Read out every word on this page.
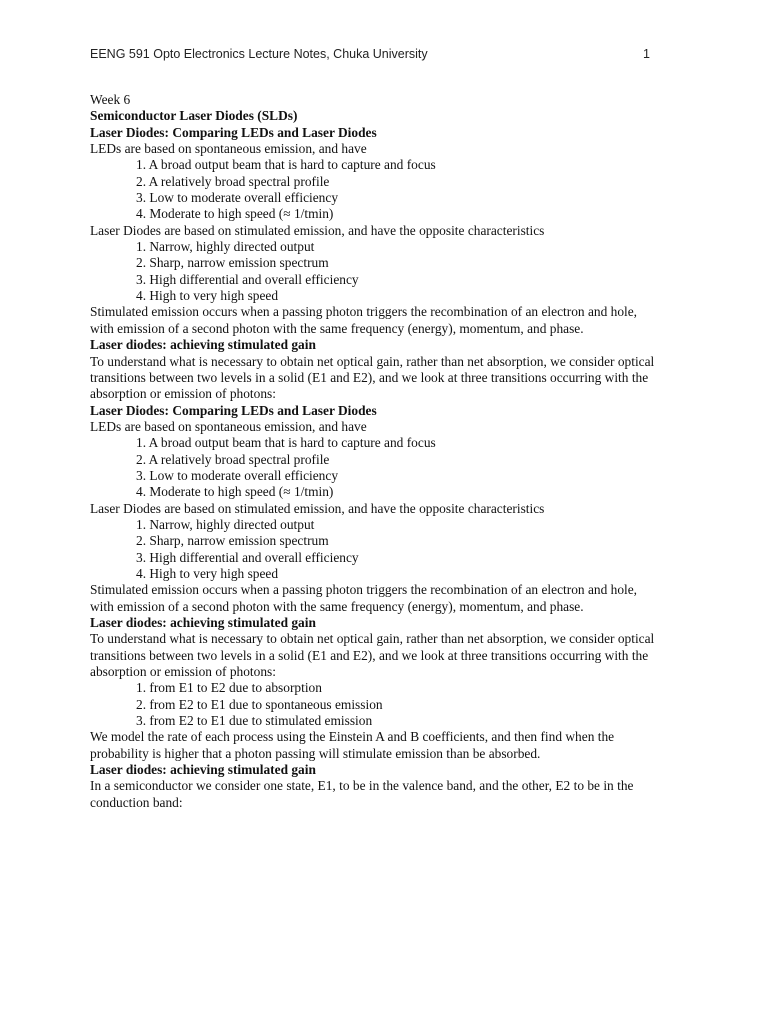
EENG 591 Opto Electronics Lecture Notes, Chuka University	1
Week 6
Semiconductor Laser Diodes (SLDs)
Laser Diodes: Comparing LEDs and Laser Diodes
LEDs are based on spontaneous emission, and have
1. A broad output beam that is hard to capture and focus
2. A relatively broad spectral profile
3. Low to moderate overall efficiency
4. Moderate to high speed (≈ 1/tmin)
Laser Diodes are based on stimulated emission, and have the opposite characteristics
1. Narrow, highly directed output
2. Sharp, narrow emission spectrum
3. High differential and overall efficiency
4. High to very high speed
Stimulated emission occurs when a passing photon triggers the recombination of an electron and hole,
with emission of a second photon with the same frequency (energy), momentum, and phase.
Laser diodes: achieving stimulated gain
To understand what is necessary to obtain net optical gain, rather than net absorption, we consider optical
transitions between two levels in a solid (E1 and E2), and we look at three transitions occurring with the
absorption or emission of photons:
Laser Diodes: Comparing LEDs and Laser Diodes
LEDs are based on spontaneous emission, and have
1. A broad output beam that is hard to capture and focus
2. A relatively broad spectral profile
3. Low to moderate overall efficiency
4. Moderate to high speed (≈ 1/tmin)
Laser Diodes are based on stimulated emission, and have the opposite characteristics
1. Narrow, highly directed output
2. Sharp, narrow emission spectrum
3. High differential and overall efficiency
4. High to very high speed
Stimulated emission occurs when a passing photon triggers the recombination of an electron and hole,
with emission of a second photon with the same frequency (energy), momentum, and phase.
Laser diodes: achieving stimulated gain
To understand what is necessary to obtain net optical gain, rather than net absorption, we consider optical
transitions between two levels in a solid (E1 and E2), and we look at three transitions occurring with the
absorption or emission of photons:
1. from E1 to E2 due to absorption
2. from E2 to E1 due to spontaneous emission
3. from E2 to E1 due to stimulated emission
We model the rate of each process using the Einstein A and B coefficients, and then find when the
probability is higher that a photon passing will stimulate emission than be absorbed.
Laser diodes: achieving stimulated gain
In a semiconductor we consider one state, E1, to be in the valence band, and the other, E2 to be in the
conduction band:
